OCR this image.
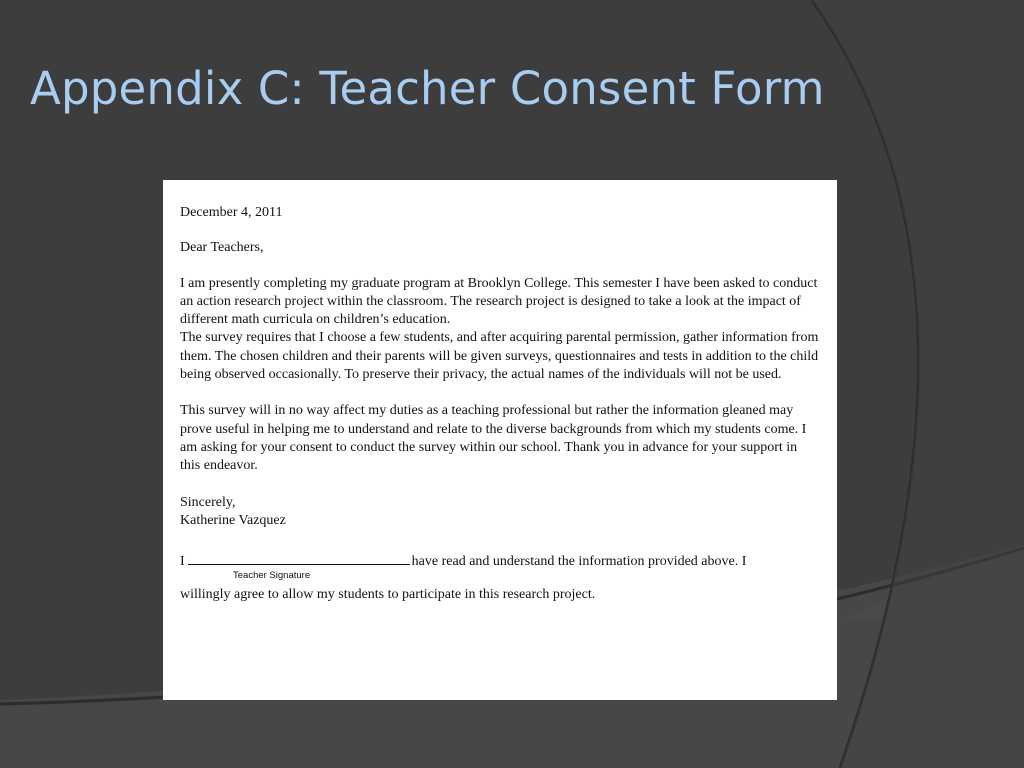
Appendix C: Teacher Consent Form

December 4, 2011

Dear Teachers,

I am presently completing my graduate program at Brooklyn College. This semester I have been asked to conduct an action research project within the classroom. The research project is designed to take a look at the impact of different math curricula on children’s education.

The survey requires that I choose a few students, and after acquiring parental permission, gather information from them. The chosen children and their parents will be given surveys, questionnaires and tests in addition to the child being observed occasionally. To preserve their privacy, the actual names of the individuals will not be used.

This survey will in no way affect my duties as a teaching professional but rather the information gleaned may prove useful in helping me to understand and relate to the diverse backgrounds from which my students come. I am asking for your consent to conduct the survey within our school. Thank you in advance for your support in this endeavor.

Sincerely,

Katherine Vazquez

I	have read and understand the information provided above. I

Teacher Signature

willingly agree to allow my students to participate in this research project.
